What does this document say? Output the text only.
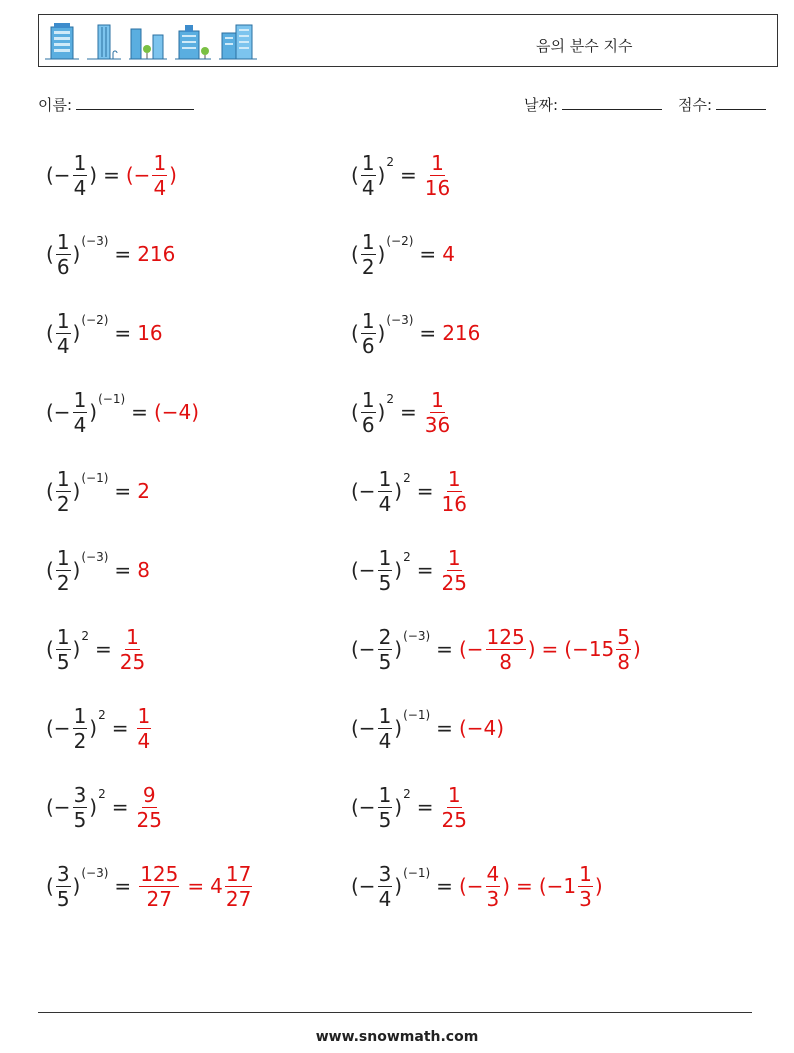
음의 분수 지수
이름:	날짜:	점수:
(− $\frac{1}{4}$ ) = (− $\frac{1}{4}$ )	( $\frac{1}{4}$ )
2
= $\frac{1}{16}$
( $\frac{1}{6}$ )
(−3)
= 216	( $\frac{1}{2}$ )
(−2)
= 4
( $\frac{1}{4}$ )
(−2)
= 16	( $\frac{1}{6}$ )
(−3)
= 216
(− $\frac{1}{4}$ )
(−1)
= (−4)	( $\frac{1}{6}$ )
2
= $\frac{1}{36}$
( $\frac{1}{2}$ )
(−1)
= 2	(− $\frac{1}{4}$ )
2
= $\frac{1}{16}$
( $\frac{1}{2}$ )
(−3)
= 8	(− $\frac{1}{5}$ )
2
= $\frac{1}{25}$
( $\frac{1}{5}$ )
2
= $\frac{1}{25}$	(− $\frac{2}{5}$ )
(−3)
= (− $\frac{125}{8}$ ) = (− $15 \frac{5}{8}$ )
(− $\frac{1}{2}$ )
2
= $\frac{1}{4}$	(− $\frac{1}{4}$ )
(−1)
= (−4)
(− $\frac{3}{5}$ )
2
= $\frac{9}{25}$	(− $\frac{1}{5}$ )
2
= $\frac{1}{25}$
( $\frac{3}{5}$ )
(−3)
= $\frac{125}{27} = 4 \frac{17}{27}$	(− $\frac{3}{4}$ )
(−1)
= (− $\frac{4}{3}$ ) = (− $1 \frac{1}{3}$ )
www.snowmath.com
